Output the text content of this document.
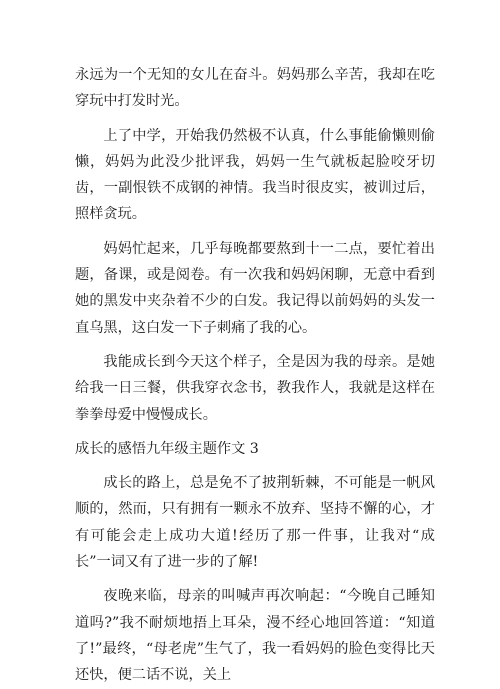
永远为一个无知的女儿在奋斗。妈妈那么辛苦，我却在吃穿玩中打发时光。

上了中学，开始我仍然极不认真，什么事能偷懒则偷懒，妈妈为此没少批评我，妈妈一生气就板起脸咬牙切齿，一副恨铁不成钢的神情。我当时很皮实，被训过后，照样贪玩。

妈妈忙起来，几乎每晚都要熬到十一二点，要忙着出题，备课，或是阅卷。有一次我和妈妈闲聊，无意中看到她的黑发中夹杂着不少的白发。我记得以前妈妈的头发一直乌黑，这白发一下子刺痛了我的心。

我能成长到今天这个样子，全是因为我的母亲。是她给我一日三餐，供我穿衣念书，教我作人，我就是这样在拳拳母爱中慢慢成长。

成长的感悟九年级主题作文 3

成长的路上，总是免不了披荆斩棘，不可能是一帆风顺的，然而，只有拥有一颗永不放弃、坚持不懈的心，才有可能会走上成功大道!经历了那一件事，让我对“成长”一词又有了进一步的了解!

夜晚来临，母亲的叫喊声再次响起：“今晚自己睡知道吗?”我不耐烦地捂上耳朵，漫不经心地回答道：“知道了!”最终，“母老虎”生气了，我一看妈妈的脸色变得比天还快，便二话不说，关上
